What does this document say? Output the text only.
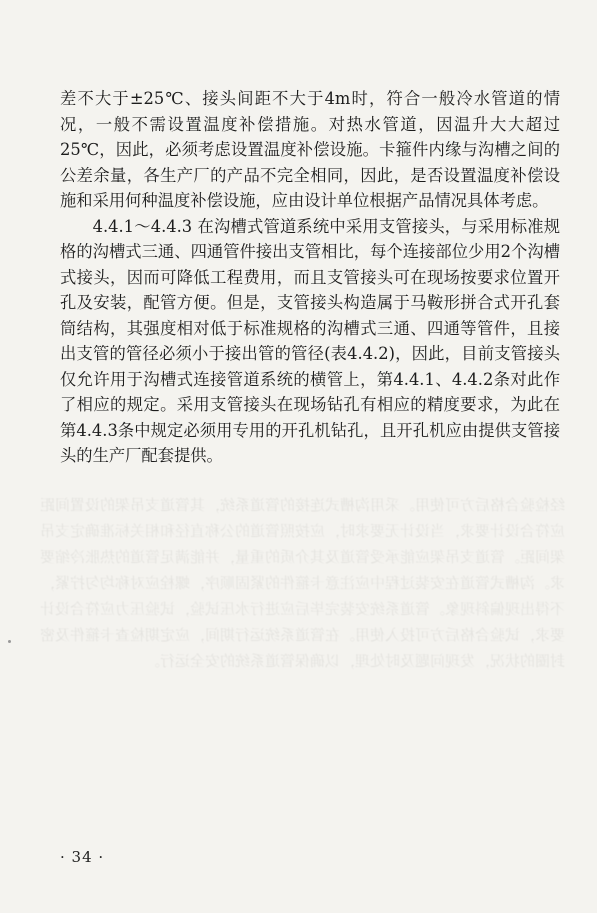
经检验合格后方可使用。采用沟槽式连接的管道系统，其管道支吊架的设置间距应符合设计要求，当设计无要求时，应按照管道的公称直径和相关标准确定支吊架间距。管道支吊架应能承受管道及其介质的重量，并能满足管道的热胀冷缩要求。沟槽式管道在安装过程中应注意卡箍件的紧固顺序，螺栓应对称均匀拧紧，不得出现偏斜现象。管道系统安装完毕后应进行水压试验，试验压力应符合设计要求，试验合格后方可投入使用。在管道系统运行期间，应定期检查卡箍件及密封圈的状况，发现问题及时处理，以确保管道系统的安全运行。

差不大于±25℃、接头间距不大于4m时，符合一般冷水管道的情况，一般不需设置温度补偿措施。对热水管道，因温升大大超过25℃，因此，必须考虑设置温度补偿设施。卡箍件内缘与沟槽之间的公差余量，各生产厂的产品不完全相同，因此，是否设置温度补偿设施和采用何种温度补偿设施，应由设计单位根据产品情况具体考虑。

4.4.1～4.4.3 在沟槽式管道系统中采用支管接头，与采用标准规格的沟槽式三通、四通管件接出支管相比，每个连接部位少用2个沟槽式接头，因而可降低工程费用，而且支管接头可在现场按要求位置开孔及安装，配管方便。但是，支管接头构造属于马鞍形拼合式开孔套筒结构，其强度相对低于标准规格的沟槽式三通、四通等管件，且接出支管的管径必须小于接出管的管径(表4.4.2)，因此，目前支管接头仅允许用于沟槽式连接管道系统的横管上，第4.4.1、4.4.2条对此作了相应的规定。采用支管接头在现场钻孔有相应的精度要求，为此在第4.4.3条中规定必须用专用的开孔机钻孔，且开孔机应由提供支管接头的生产厂配套提供。

· 34 ·
